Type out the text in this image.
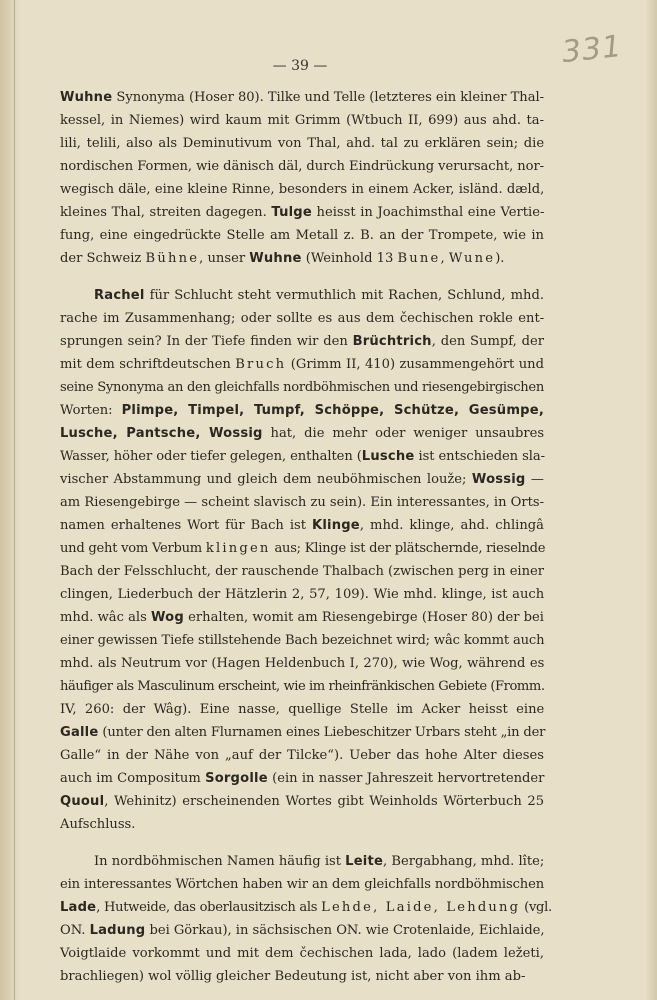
— 39 —	331
Wuhne Synonyma (Hoser 80). Tilke und Telle (letzteres ein kleiner Thal-
kessel, in Niemes) wird kaum mit Grimm (Wtbuch II, 699) aus ahd. ta-
lili, telili, also als Deminutivum von Thal, ahd. tal zu erklären sein; die
nordischen Formen, wie dänisch däl, durch Eindrückung verursacht, nor-
wegisch däle, eine kleine Rinne, besonders in einem Acker, isländ. dæld,
kleines Thal, streiten dagegen. Tulge heisst in Joachimsthal eine Vertie-
fung, eine eingedrückte Stelle am Metall z. B. an der Trompete, wie in
der Schweiz Bühne, unser Wuhne (Weinhold 13 Bune, Wune).
Rachel für Schlucht steht vermuthlich mit Rachen, Schlund, mhd.
rache im Zusammenhang; oder sollte es aus dem čechischen rokle ent-
sprungen sein? In der Tiefe finden wir den Brüchtrich, den Sumpf, der
mit dem schriftdeutschen Bruch (Grimm II, 410) zusammengehört und
seine Synonyma an den gleichfalls nordböhmischen und riesengebirgischen
Worten: Plimpe, Timpel, Tumpf, Schöppe, Schütze, Gesümpe,
Lusche, Pantsche, Wossig hat, die mehr oder weniger unsaubres
Wasser, höher oder tiefer gelegen, enthalten (Lusche ist entschieden sla-
vischer Abstammung und gleich dem neuböhmischen louže; Wossig —
am Riesengebirge — scheint slavisch zu sein). Ein interessantes, in Orts-
namen erhaltenes Wort für Bach ist Klinge, mhd. klinge, ahd. chlingâ
und geht vom Verbum klingen aus; Klinge ist der plätschernde, rieselnde
Bach der Felsschlucht, der rauschende Thalbach (zwischen perg in einer
clingen, Liederbuch der Hätzlerin 2, 57, 109). Wie mhd. klinge, ist auch
mhd. wâc als Wog erhalten, womit am Riesengebirge (Hoser 80) der bei
einer gewissen Tiefe stillstehende Bach bezeichnet wird; wâc kommt auch
mhd. als Neutrum vor (Hagen Heldenbuch I, 270), wie Wog, während es
häufiger als Masculinum erscheint, wie im rheinfränkischen Gebiete (Fromm.
IV, 260: der Wâg). Eine nasse, quellige Stelle im Acker heisst eine
Galle (unter den alten Flurnamen eines Liebeschitzer Urbars steht „in der
Galle“ in der Nähe von „auf der Tilcke“). Ueber das hohe Alter dieses
auch im Compositum Sorgolle (ein in nasser Jahreszeit hervortretender
Quoul, Wehinitz) erscheinenden Wortes gibt Weinholds Wörterbuch 25
Aufschluss.
In nordböhmischen Namen häufig ist Leite, Bergabhang, mhd. lîte;
ein interessantes Wörtchen haben wir an dem gleichfalls nordböhmischen
Lade, Hutweide, das oberlausitzisch als Lehde, Laide, Lehdung (vgl.
ON. Ladung bei Görkau), in sächsischen ON. wie Crotenlaide, Eichlaide,
Voigtlaide vorkommt und mit dem čechischen lada, lado (ladem ležeti,
brachliegen) wol völlig gleicher Bedeutung ist, nicht aber von ihm ab-
